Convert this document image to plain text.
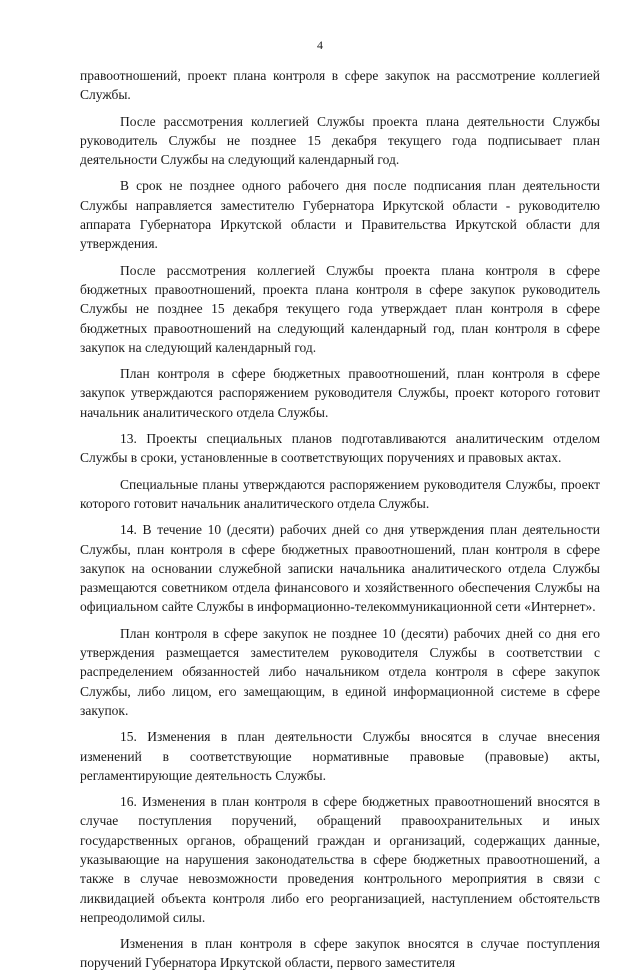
4

правоотношений, проект плана контроля в сфере закупок на рассмотрение коллегией Службы.

После рассмотрения коллегией Службы проекта плана деятельности Службы руководитель Службы не позднее 15 декабря текущего года подписывает план деятельности Службы на следующий календарный год.

В срок не позднее одного рабочего дня после подписания план деятельности Службы направляется заместителю Губернатора Иркутской области - руководителю аппарата Губернатора Иркутской области и Правительства Иркутской области для утверждения.

После рассмотрения коллегией Службы проекта плана контроля в сфере бюджетных правоотношений, проекта плана контроля в сфере закупок руководитель Службы не позднее 15 декабря текущего года утверждает план контроля в сфере бюджетных правоотношений на следующий календарный год, план контроля в сфере закупок на следующий календарный год.

План контроля в сфере бюджетных правоотношений, план контроля в сфере закупок утверждаются распоряжением руководителя Службы, проект которого готовит начальник аналитического отдела Службы.

13. Проекты специальных планов подготавливаются аналитическим отделом Службы в сроки, установленные в соответствующих поручениях и правовых актах.

Специальные планы утверждаются распоряжением руководителя Службы, проект которого готовит начальник аналитического отдела Службы.

14. В течение 10 (десяти) рабочих дней со дня утверждения план деятельности Службы, план контроля в сфере бюджетных правоотношений, план контроля в сфере закупок на основании служебной записки начальника аналитического отдела Службы размещаются советником отдела финансового и хозяйственного обеспечения Службы на официальном сайте Службы в информационно-телекоммуникационной сети «Интернет».

План контроля в сфере закупок не позднее 10 (десяти) рабочих дней со дня его утверждения размещается заместителем руководителя Службы в соответствии с распределением обязанностей либо начальником отдела контроля в сфере закупок Службы, либо лицом, его замещающим, в единой информационной системе в сфере закупок.

15. Изменения в план деятельности Службы вносятся в случае внесения изменений в соответствующие нормативные правовые (правовые) акты, регламентирующие деятельность Службы.

16. Изменения в план контроля в сфере бюджетных правоотношений вносятся в случае поступления поручений, обращений правоохранительных и иных государственных органов, обращений граждан и организаций, содержащих данные, указывающие на нарушения законодательства в сфере бюджетных правоотношений, а также в случае невозможности проведения контрольного мероприятия в связи с ликвидацией объекта контроля либо его реорганизацией, наступлением обстоятельств непреодолимой силы.

Изменения в план контроля в сфере закупок вносятся в случае поступления поручений Губернатора Иркутской области, первого заместителя
